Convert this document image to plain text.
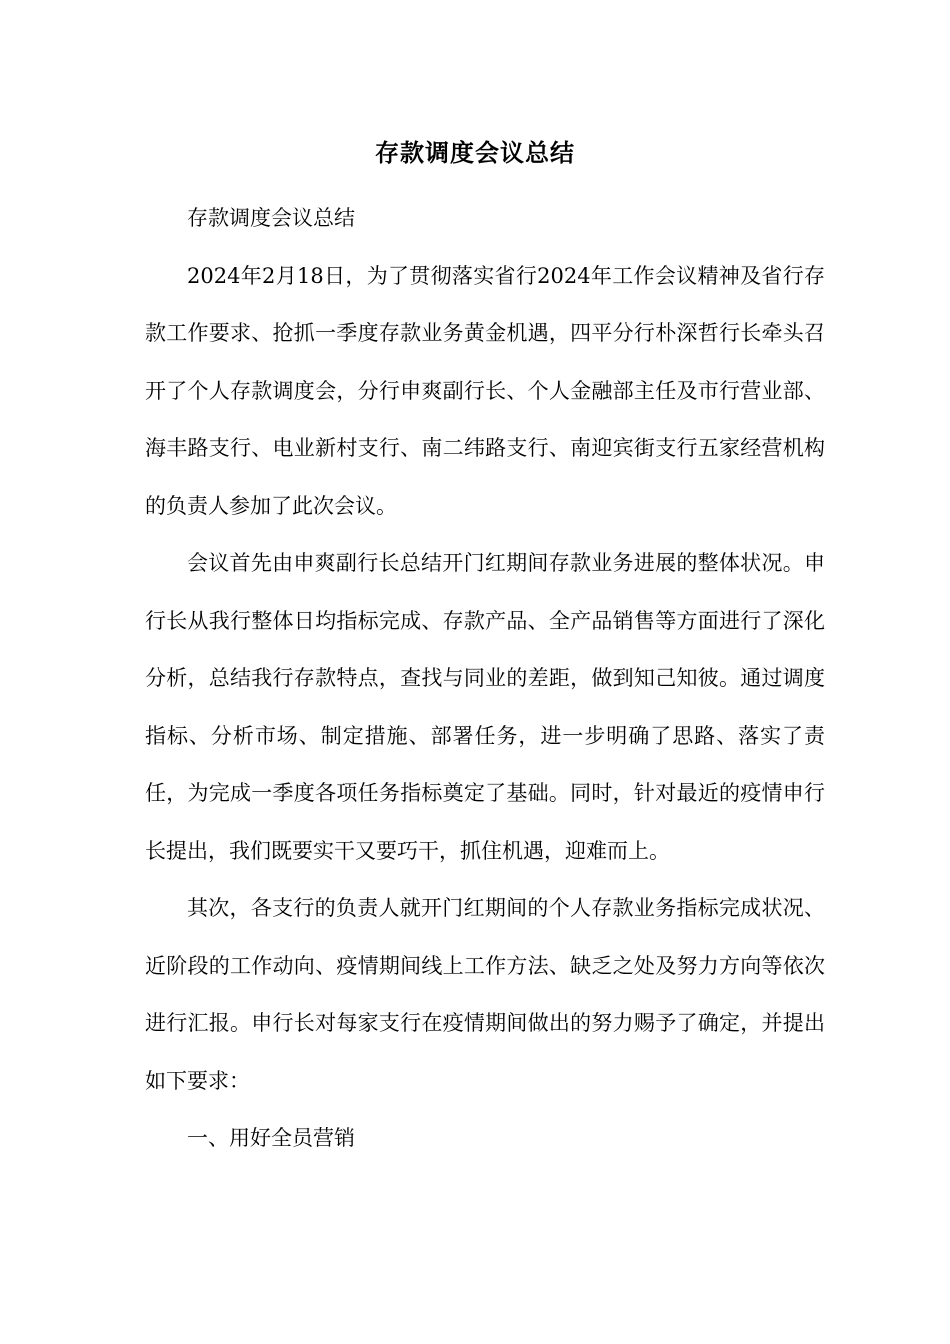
存款调度会议总结

存款调度会议总结

2024年2月18日，为了贯彻落实省行2024年工作会议精神及省行存款工作要求、抢抓一季度存款业务黄金机遇，四平分行朴深哲行长牵头召开了个人存款调度会，分行申爽副行长、个人金融部主任及市行营业部、海丰路支行、电业新村支行、南二纬路支行、南迎宾街支行五家经营机构的负责人参加了此次会议。

会议首先由申爽副行长总结开门红期间存款业务进展的整体状况。申行长从我行整体日均指标完成、存款产品、全产品销售等方面进行了深化分析，总结我行存款特点，查找与同业的差距，做到知己知彼。通过调度指标、分析市场、制定措施、部署任务，进一步明确了思路、落实了责任，为完成一季度各项任务指标奠定了基础。同时，针对最近的疫情申行长提出，我们既要实干又要巧干，抓住机遇，迎难而上。

其次，各支行的负责人就开门红期间的个人存款业务指标完成状况、近阶段的工作动向、疫情期间线上工作方法、缺乏之处及努力方向等依次进行汇报。申行长对每家支行在疫情期间做出的努力赐予了确定，并提出如下要求：

一、用好全员营销
